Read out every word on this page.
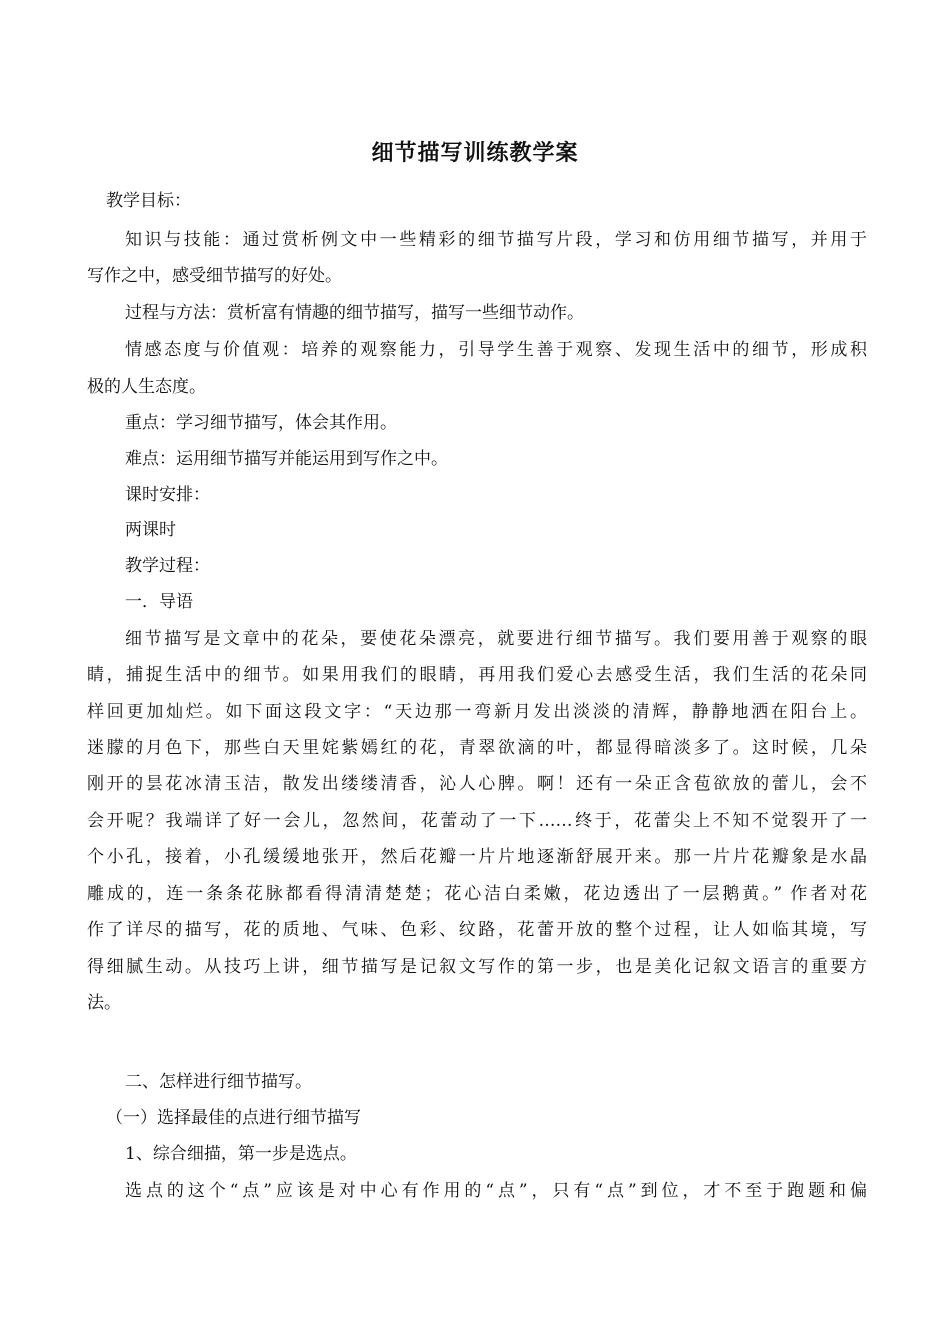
细节描写训练教学案
教学目标：
知识与技能：通过赏析例文中一些精彩的细节描写片段，学习和仿用细节描写，并用于
写作之中，感受细节描写的好处。
过程与方法：赏析富有情趣的细节描写，描写一些细节动作。
情感态度与价值观：培养的观察能力，引导学生善于观察、发现生活中的细节，形成积
极的人生态度。
重点：学习细节描写，体会其作用。
难点：运用细节描写并能运用到写作之中。
课时安排：
两课时
教学过程：
一．导语
细节描写是文章中的花朵，要使花朵漂亮，就要进行细节描写。我们要用善于观察的眼
睛，捕捉生活中的细节。如果用我们的眼睛，再用我们爱心去感受生活，我们生活的花朵同
样回更加灿烂。如下面这段文字：“天边那一弯新月发出淡淡的清辉，静静地洒在阳台上。
迷朦的月色下，那些白天里姹紫嫣红的花，青翠欲滴的叶，都显得暗淡多了。这时候，几朵
刚开的昙花冰清玉洁，散发出缕缕清香，沁人心脾。啊！还有一朵正含苞欲放的蕾儿，会不
会开呢？我端详了好一会儿，忽然间，花蕾动了一下……终于，花蕾尖上不知不觉裂开了一
个小孔，接着，小孔缓缓地张开，然后花瓣一片片地逐渐舒展开来。那一片片花瓣象是水晶
雕成的，连一条条花脉都看得清清楚楚；花心洁白柔嫩，花边透出了一层鹅黄。” 作者对花
作了详尽的描写，花的质地、气味、色彩、纹路，花蕾开放的整个过程，让人如临其境，写
得细腻生动。从技巧上讲，细节描写是记叙文写作的第一步，也是美化记叙文语言的重要方
法。
二、怎样进行细节描写。
（一）选择最佳的点进行细节描写
1、综合细描，第一步是选点。
选点的这个“点”应该是对中心有作用的“点”，只有“点”到位，才不至于跑题和偏
